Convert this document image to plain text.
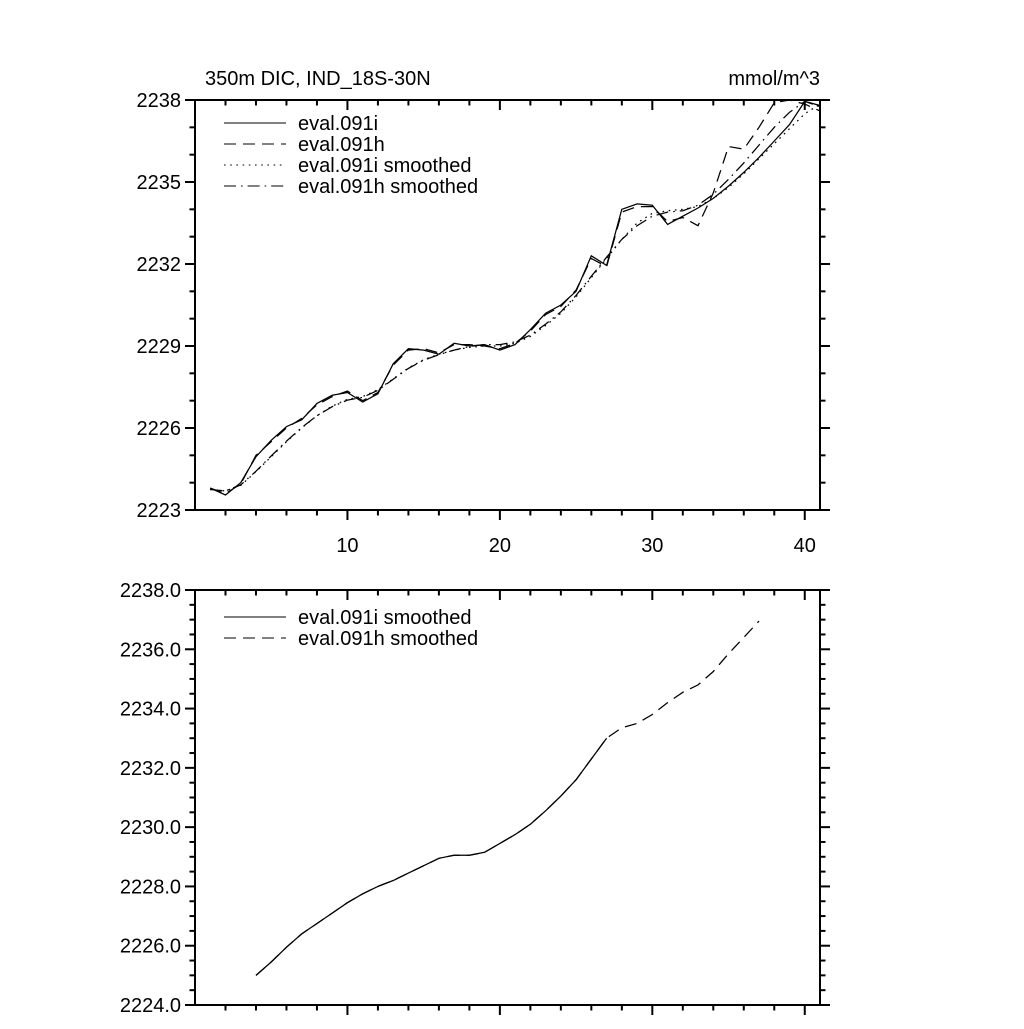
2223
2226
2229
2232
2235
2238
10	20	30	40
350m DIC, IND_18S-30N	mmol/m^3
eval.091i
eval.091h
eval.091i smoothed
eval.091h smoothed
2224.0
2226.0
2228.0
2230.0
2232.0
2234.0
2236.0
2238.0
eval.091i smoothed
eval.091h smoothed
